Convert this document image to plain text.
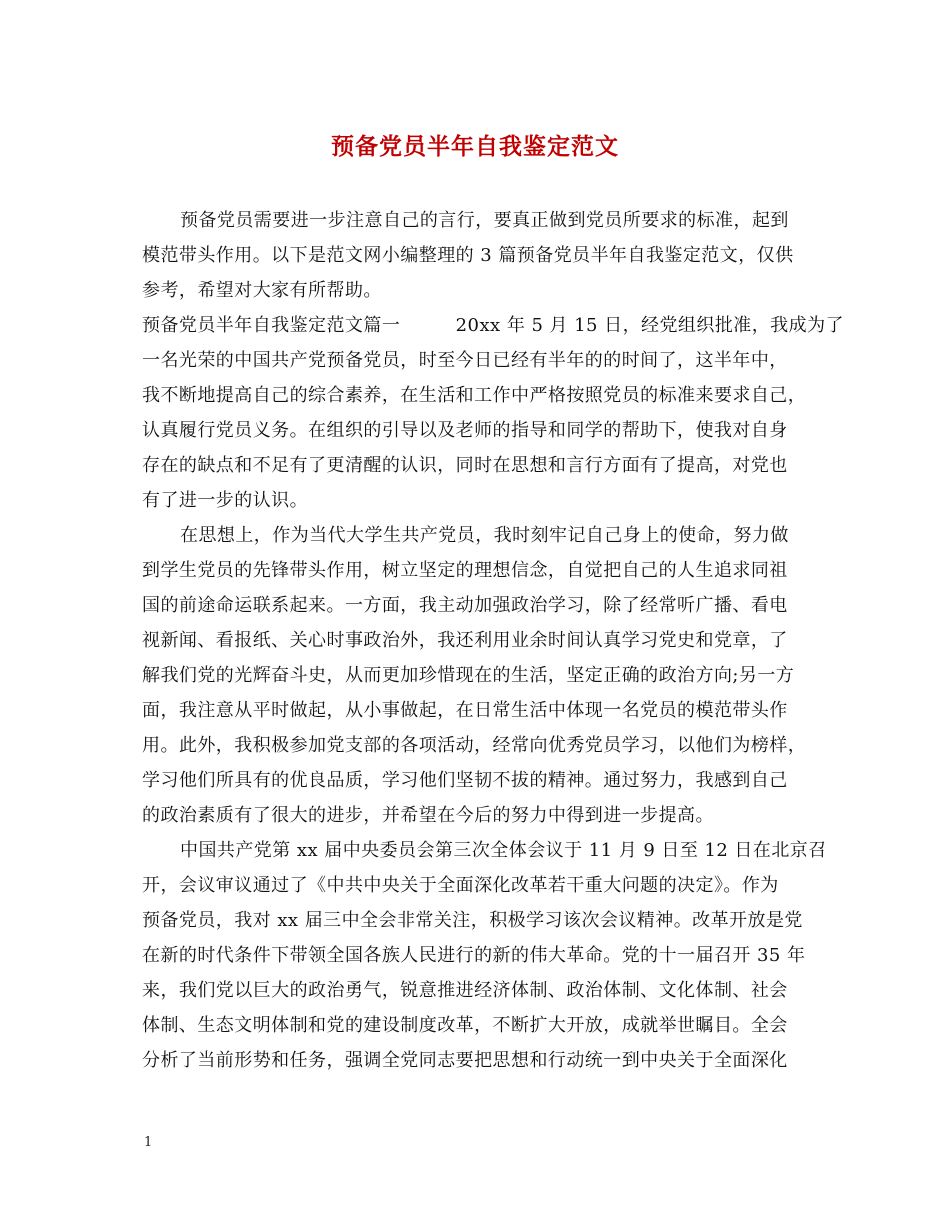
预备党员半年自我鉴定范文
预备党员需要进一步注意自己的言行，要真正做到党员所要求的标准，起到
模范带头作用。以下是范文网小编整理的 3 篇预备党员半年自我鉴定范文，仅供
参考，希望对大家有所帮助。
预备党员半年自我鉴定范文篇一　　　20xx 年 5 月 15 日，经党组织批准，我成为了
一名光荣的中国共产党预备党员，时至今日已经有半年的的时间了，这半年中，
我不断地提高自己的综合素养，在生活和工作中严格按照党员的标准来要求自己，
认真履行党员义务。在组织的引导以及老师的指导和同学的帮助下，使我对自身
存在的缺点和不足有了更清醒的认识，同时在思想和言行方面有了提高，对党也
有了进一步的认识。
在思想上，作为当代大学生共产党员，我时刻牢记自己身上的使命，努力做
到学生党员的先锋带头作用，树立坚定的理想信念，自觉把自己的人生追求同祖
国的前途命运联系起来。一方面，我主动加强政治学习，除了经常听广播、看电
视新闻、看报纸、关心时事政治外，我还利用业余时间认真学习党史和党章，了
解我们党的光辉奋斗史，从而更加珍惜现在的生活，坚定正确的政治方向;另一方
面，我注意从平时做起，从小事做起，在日常生活中体现一名党员的模范带头作
用。此外，我积极参加党支部的各项活动，经常向优秀党员学习，以他们为榜样，
学习他们所具有的优良品质，学习他们坚韧不拔的精神。通过努力，我感到自己
的政治素质有了很大的进步，并希望在今后的努力中得到进一步提高。
中国共产党第 xx 届中央委员会第三次全体会议于 11 月 9 日至 12 日在北京召
开，会议审议通过了《中共中央关于全面深化改革若干重大问题的决定》。作为
预备党员，我对 xx 届三中全会非常关注，积极学习该次会议精神。改革开放是党
在新的时代条件下带领全国各族人民进行的新的伟大革命。党的十一届召开 35 年
来，我们党以巨大的政治勇气，锐意推进经济体制、政治体制、文化体制、社会
体制、生态文明体制和党的建设制度改革，不断扩大开放，成就举世瞩目。全会
分析了当前形势和任务，强调全党同志要把思想和行动统一到中央关于全面深化
1
